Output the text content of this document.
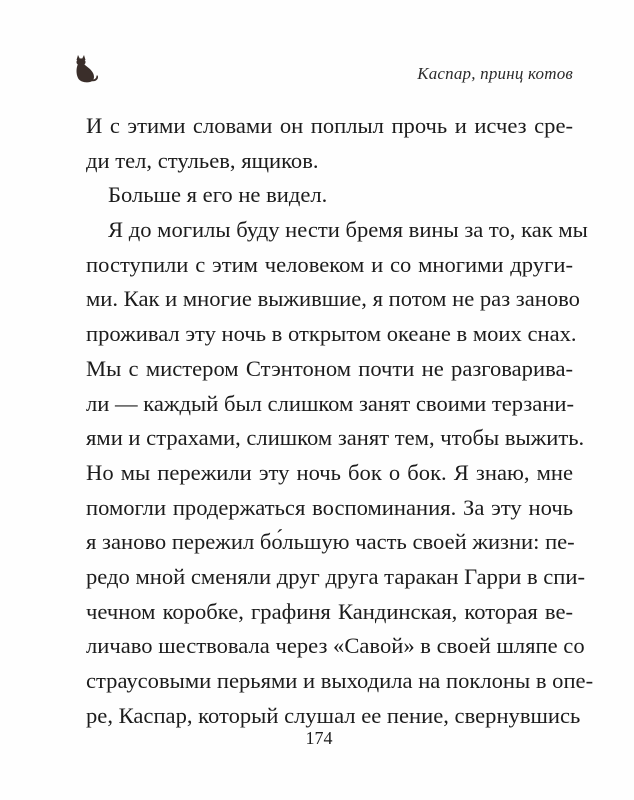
Каспар, принц котов
И с этими словами он поплыл прочь и исчез сре-
ди тел, стульев, ящиков.
Больше я его не видел.
Я до могилы буду нести бремя вины за то, как мы
поступили с этим человеком и со многими други-
ми. Как и многие выжившие, я потом не раз заново
проживал эту ночь в открытом океане в моих снах.
Мы с мистером Стэнтоном почти не разговарива-
ли — каждый был слишком занят своими терзани-
ями и страхами, слишком занят тем, чтобы выжить.
Но мы пережили эту ночь бок о бок. Я знаю, мне
помогли продержаться воспоминания. За эту ночь
я заново пережил бо́льшую часть своей жизни: пе-
редо мной сменяли друг друга таракан Гарри в спи-
чечном коробке, графиня Кандинская, которая ве-
личаво шествовала через «Савой» в своей шляпе со
страусовыми перьями и выходила на поклоны в опе-
ре, Каспар, который слушал ее пение, свернувшись
174
